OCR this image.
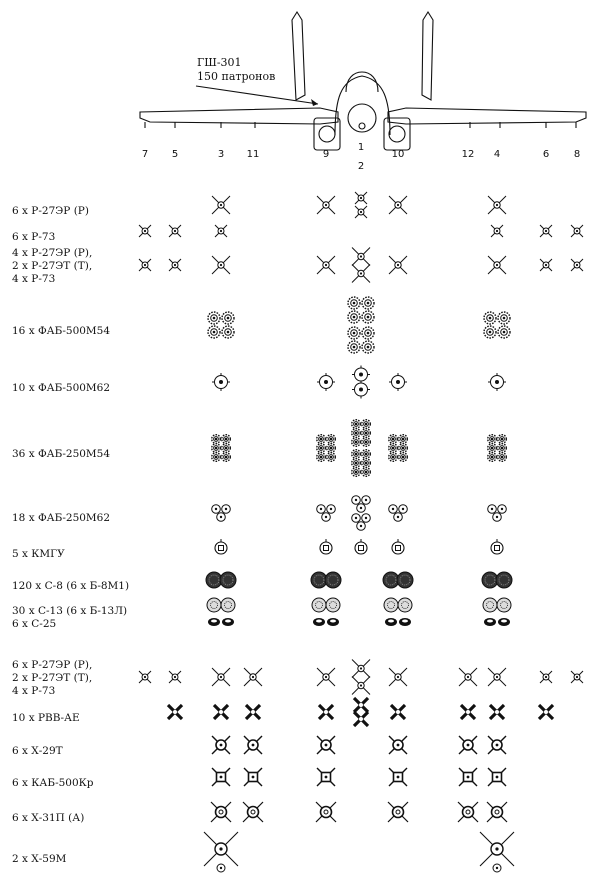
ГШ-301
150 патронов
7 5	3 11	9
1
2
10	12 4	6 8
6 x Р-27ЭР (Р)
6 x Р-73
4 x Р-27ЭР (Р),
2 x Р-27ЭТ (Т),
4 x Р-73
16 x ФАБ-500М54
10 x ФАБ-500М62
36 x ФАБ-250М54
18 x ФАБ-250М62
5 x КМГУ
120 x С-8 (6 x Б-8М1)
30 x С-13 (6 x Б-13Л)
6 x С-25
6 x Р-27ЭР (Р),
2 x Р-27ЭТ (Т),
4 x Р-73
10 x РВВ-АЕ
6 x Х-29Т
6 x КАБ-500Кр
6 x Х-31П (А)
2 x Х-59М
